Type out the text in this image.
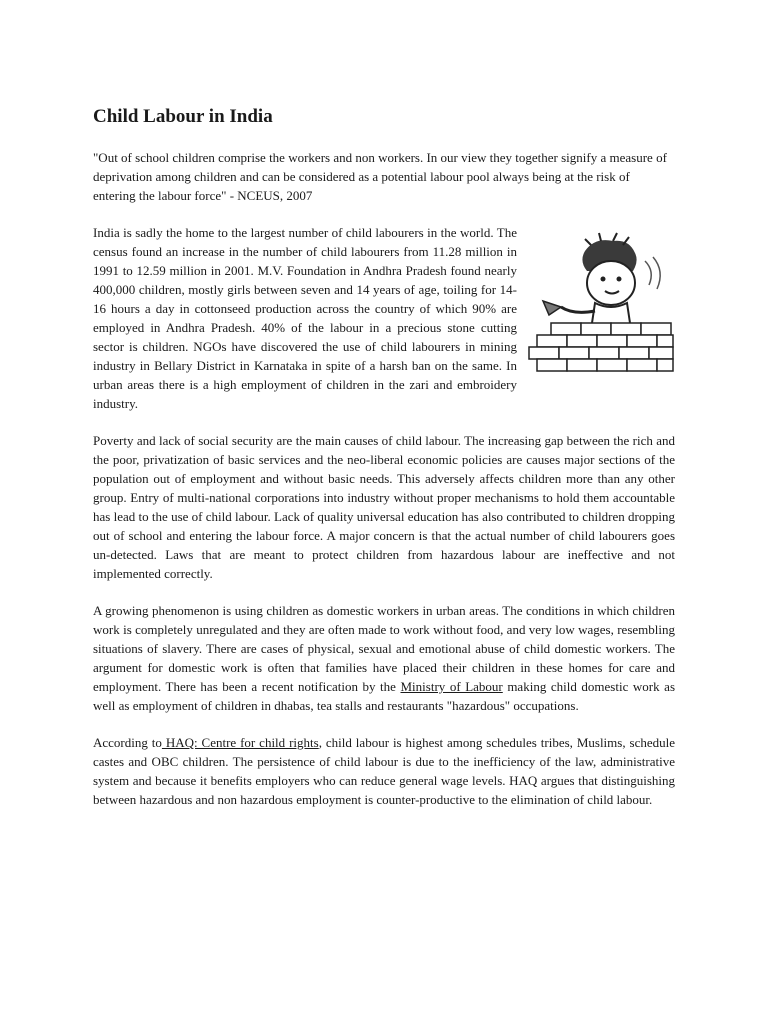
Child Labour in India

"Out of school children comprise the workers and non workers. In our view they together signify a measure of deprivation among children and can be considered as a potential labour pool always being at the risk of entering the labour force" - NCEUS, 2007

India is sadly the home to the largest number of child labourers in the world. The census found an increase in the number of child labourers from 11.28 million in 1991 to 12.59 million in 2001. M.V. Foundation in Andhra Pradesh found nearly 400,000 children, mostly girls between seven and 14 years of age, toiling for 14-16 hours a day in cottonseed production across the country of which 90% are employed in Andhra Pradesh. 40% of the labour in a precious stone cutting sector is children. NGOs have discovered the use of child labourers in mining industry in Bellary District in Karnataka in spite of a harsh ban on the same. In urban areas there is a high employment of children in the zari and embroidery industry.

Poverty and lack of social security are the main causes of child labour. The increasing gap between the rich and the poor, privatization of basic services and the neo-liberal economic policies are causes major sections of the population out of employment and without basic needs. This adversely affects children more than any other group. Entry of multi-national corporations into industry without proper mechanisms to hold them accountable has lead to the use of child labour. Lack of quality universal education has also contributed to children dropping out of school and entering the labour force. A major concern is that the actual number of child labourers goes un-detected. Laws that are meant to protect children from hazardous labour are ineffective and not implemented correctly.

A growing phenomenon is using children as domestic workers in urban areas. The conditions in which children work is completely unregulated and they are often made to work without food, and very low wages, resembling situations of slavery. There are cases of physical, sexual and emotional abuse of child domestic workers. The argument for domestic work is often that families have placed their children in these homes for care and employment. There has been a recent notification by the Ministry of Labour making child domestic work as well as employment of children in dhabas, tea stalls and restaurants "hazardous" occupations.

According to HAQ: Centre for child rights, child labour is highest among schedules tribes, Muslims, schedule castes and OBC children. The persistence of child labour is due to the inefficiency of the law, administrative system and because it benefits employers who can reduce general wage levels. HAQ argues that distinguishing between hazardous and non hazardous employment is counter-productive to the elimination of child labour.
